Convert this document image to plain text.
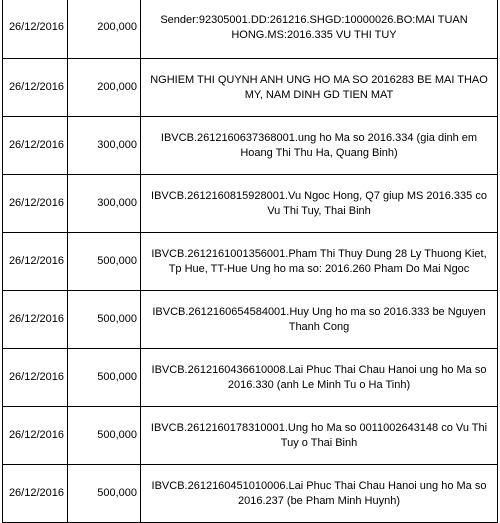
26/12/2016	200,000	Sender:92305001.DD:261216.SHGD:10000026.BO:MAI TUAN HONG.MS:2016.335 VU THI TUY
26/12/2016	200,000	NGHIEM THI QUYNH ANH UNG HO MA SO 2016283 BE MAI THAO MY, NAM DINH GD TIEN MAT
26/12/2016	300,000	IBVCB.2612160637368001.ung ho Ma so 2016.334 (gia dinh em Hoang Thi Thu Ha, Quang Binh)
26/12/2016	300,000	IBVCB.2612160815928001.Vu Ngoc Hong, Q7 giup MS 2016.335 co Vu Thi Tuy, Thai Binh
26/12/2016	500,000	IBVCB.2612161001356001.Pham Thi Thuy Dung 28 Ly Thuong Kiet, Tp Hue, TT-Hue Ung ho ma so: 2016.260 Pham Do Mai Ngoc
26/12/2016	500,000	IBVCB.2612160654584001.Huy Ung ho ma so 2016.333 be Nguyen Thanh Cong
26/12/2016	500,000	IBVCB.2612160436610008.Lai Phuc Thai Chau Hanoi ung ho Ma so 2016.330 (anh Le Minh Tu o Ha Tinh)
26/12/2016	500,000	IBVCB.2612160178310001.Ung ho Ma so 0011002643148 co Vu Thi Tuy o Thai Binh
26/12/2016	500,000	IBVCB.2612160451010006.Lai Phuc Thai Chau Hanoi ung ho Ma so 2016.237 (be Pham Minh Huynh)
